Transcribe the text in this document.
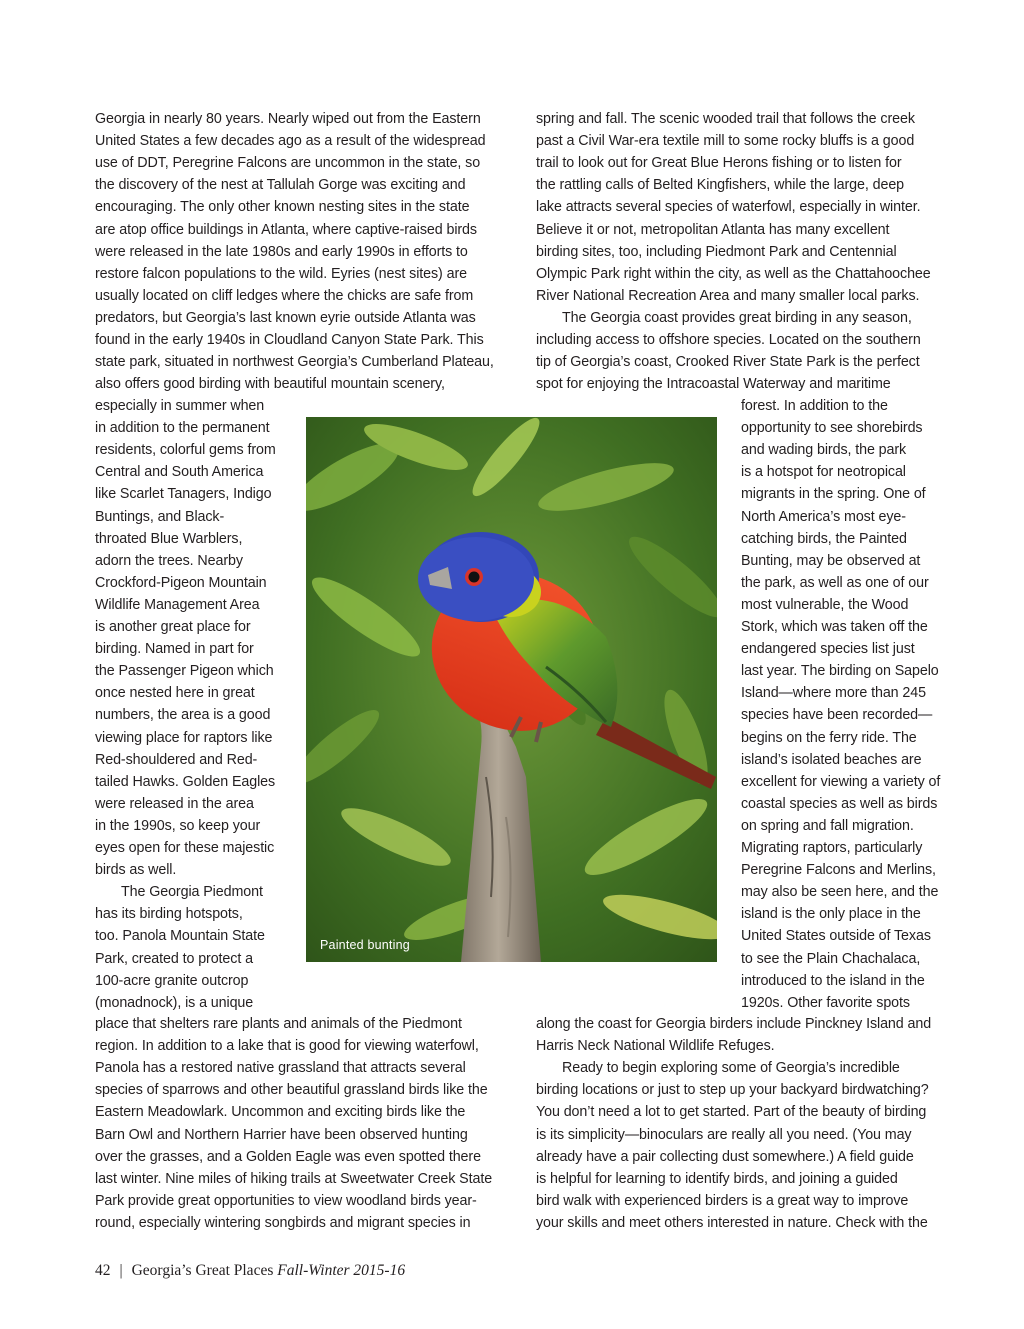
Georgia in nearly 80 years. Nearly wiped out from the Eastern
United States a few decades ago as a result of the widespread
use of DDT, Peregrine Falcons are uncommon in the state, so
the discovery of the nest at Tallulah Gorge was exciting and
encouraging. The only other known nesting sites in the state
are atop office buildings in Atlanta, where captive-raised birds
were released in the late 1980s and early 1990s in efforts to
restore falcon populations to the wild. Eyries (nest sites) are
usually located on cliff ledges where the chicks are safe from
predators, but Georgia’s last known eyrie outside Atlanta was
found in the early 1940s in Cloudland Canyon State Park. This
state park, situated in northwest Georgia’s Cumberland Plateau,
also offers good birding with beautiful mountain scenery,
especially in summer when
in addition to the permanent
residents, colorful gems from
Central and South America
like Scarlet Tanagers, Indigo
Buntings, and Black-
throated Blue Warblers,
adorn the trees. Nearby
Crockford-Pigeon Mountain
Wildlife Management Area
is another great place for
birding. Named in part for
the Passenger Pigeon which
once nested here in great
numbers, the area is a good
viewing place for raptors like
Red-shouldered and Red-
tailed Hawks. Golden Eagles
were released in the area
in the 1990s, so keep your
eyes open for these majestic
birds as well.
The Georgia Piedmont
has its birding hotspots,
too. Panola Mountain State
Park, created to protect a
100-acre granite outcrop
(monadnock), is a unique
place that shelters rare plants and animals of the Piedmont
region. In addition to a lake that is good for viewing waterfowl,
Panola has a restored native grassland that attracts several
species of sparrows and other beautiful grassland birds like the
Eastern Meadowlark. Uncommon and exciting birds like the
Barn Owl and Northern Harrier have been observed hunting
over the grasses, and a Golden Eagle was even spotted there
last winter. Nine miles of hiking trails at Sweetwater Creek State
Park provide great opportunities to view woodland birds year-
round, especially wintering songbirds and migrant species in
spring and fall. The scenic wooded trail that follows the creek
past a Civil War-era textile mill to some rocky bluffs is a good
trail to look out for Great Blue Herons fishing or to listen for
the rattling calls of Belted Kingfishers, while the large, deep
lake attracts several species of waterfowl, especially in winter.
Believe it or not, metropolitan Atlanta has many excellent
birding sites, too, including Piedmont Park and Centennial
Olympic Park right within the city, as well as the Chattahoochee
River National Recreation Area and many smaller local parks.
The Georgia coast provides great birding in any season,
including access to offshore species. Located on the southern
tip of Georgia’s coast, Crooked River State Park is the perfect
spot for enjoying the Intracoastal Waterway and maritime
forest. In addition to the
opportunity to see shorebirds
and wading birds, the park
is a hotspot for neotropical
migrants in the spring. One of
North America’s most eye-
catching birds, the Painted
Bunting, may be observed at
the park, as well as one of our
most vulnerable, the Wood
Stork, which was taken off the
endangered species list just
last year. The birding on Sapelo
Island—where more than 245
species have been recorded—
begins on the ferry ride. The
island’s isolated beaches are
excellent for viewing a variety of
coastal species as well as birds
on spring and fall migration.
Migrating raptors, particularly
Peregrine Falcons and Merlins,
may also be seen here, and the
island is the only place in the
United States outside of Texas
to see the Plain Chachalaca,
introduced to the island in the
1920s. Other favorite spots
along the coast for Georgia birders include Pinckney Island and
Harris Neck National Wildlife Refuges.
Ready to begin exploring some of Georgia’s incredible
birding locations or just to step up your backyard birdwatching?
You don’t need a lot to get started. Part of the beauty of birding
is its simplicity—binoculars are really all you need. (You may
already have a pair collecting dust somewhere.) A field guide
is helpful for learning to identify birds, and joining a guided
bird walk with experienced birders is a great way to improve
your skills and meet others interested in nature. Check with the
Painted bunting
42 | Georgia’s Great Places Fall-Winter 2015-16
